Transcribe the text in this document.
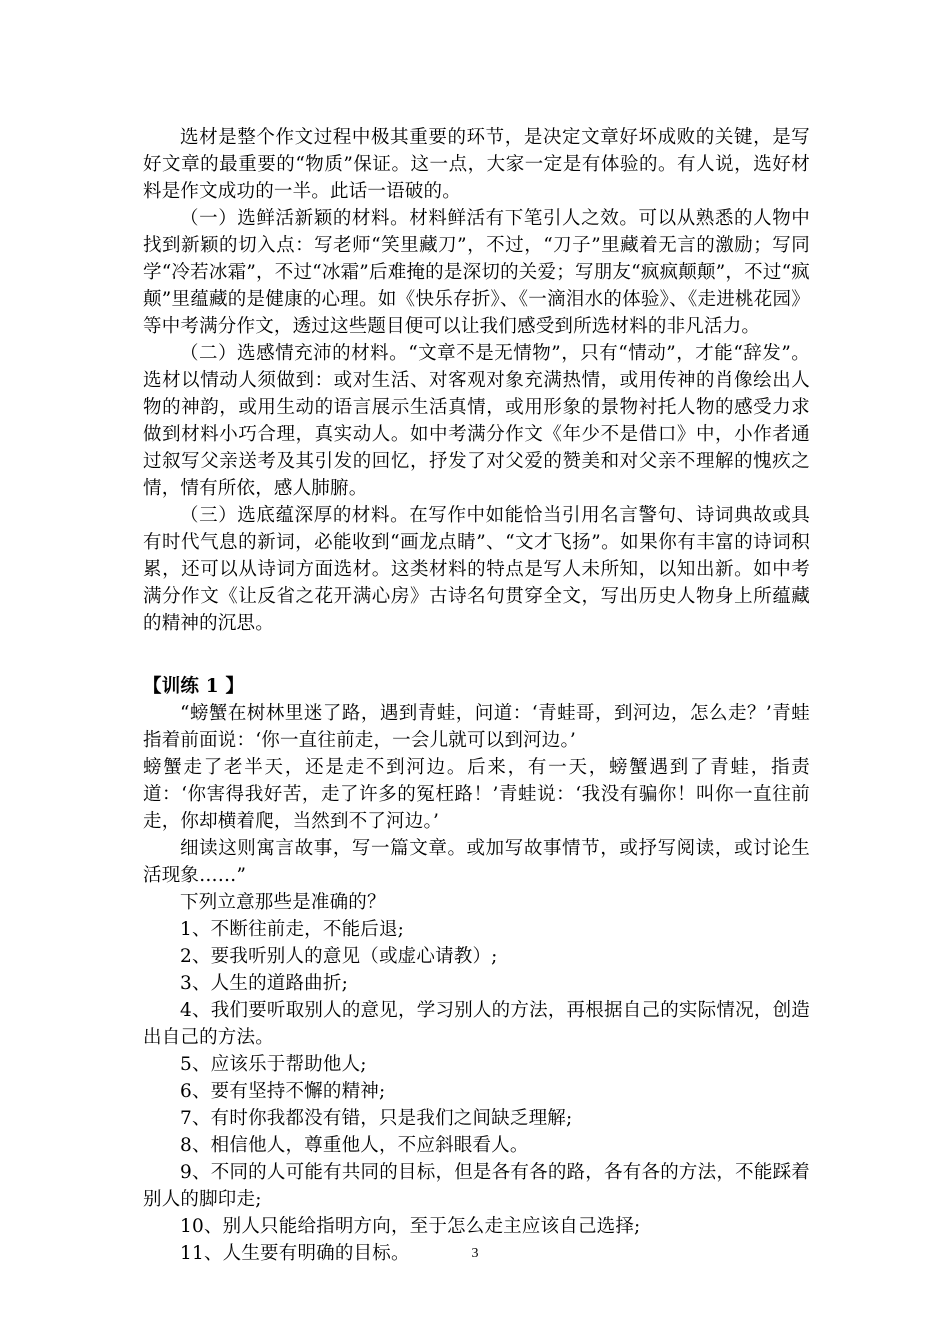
选材是整个作文过程中极其重要的环节，是决定文章好坏成败的关键，是写好文章的最重要的“物质”保证。这一点，大家一定是有体验的。有人说，选好材料是作文成功的一半。此话一语破的。

（一）选鲜活新颖的材料。材料鲜活有下笔引人之效。可以从熟悉的人物中找到新颖的切入点：写老师“笑里藏刀”，不过，“刀子”里藏着无言的激励；写同学“冷若冰霜”，不过“冰霜”后难掩的是深切的关爱；写朋友“疯疯颠颠”，不过“疯颠”里蕴藏的是健康的心理。如《快乐存折》、《一滴泪水的体验》、《走进桃花园》等中考满分作文，透过这些题目便可以让我们感受到所选材料的非凡活力。

（二）选感情充沛的材料。“文章不是无情物”，只有“情动”，才能“辞发”。选材以情动人须做到：或对生活、对客观对象充满热情，或用传神的肖像绘出人物的神韵，或用生动的语言展示生活真情，或用形象的景物衬托人物的感受力求做到材料小巧合理，真实动人。如中考满分作文《年少不是借口》中，小作者通过叙写父亲送考及其引发的回忆，抒发了对父爱的赞美和对父亲不理解的愧疚之情，情有所依，感人肺腑。

（三）选底蕴深厚的材料。在写作中如能恰当引用名言警句、诗词典故或具有时代气息的新词，必能收到“画龙点睛”、“文才飞扬”。如果你有丰富的诗词积累，还可以从诗词方面选材。这类材料的特点是写人未所知，以知出新。如中考满分作文《让反省之花开满心房》古诗名句贯穿全文，写出历史人物身上所蕴藏的精神的沉思。

【训练 1 】

“螃蟹在树林里迷了路，遇到青蛙，问道：‘青蛙哥，到河边，怎么走？’青蛙指着前面说：‘你一直往前走，一会儿就可以到河边。’

螃蟹走了老半天，还是走不到河边。后来，有一天，螃蟹遇到了青蛙，指责道：‘你害得我好苦，走了许多的冤枉路！’青蛙说：‘我没有骗你！叫你一直往前走，你却横着爬，当然到不了河边。’

细读这则寓言故事，写一篇文章。或加写故事情节，或抒写阅读，或讨论生活现象……”

下列立意那些是准确的？

1、不断往前走，不能后退;

2、要我听别人的意见（或虚心请教）;

3、人生的道路曲折;

4、我们要听取别人的意见，学习别人的方法，再根据自己的实际情况，创造出自己的方法。

5、应该乐于帮助他人;

6、要有坚持不懈的精神;

7、有时你我都没有错，只是我们之间缺乏理解;

8、相信他人，尊重他人，不应斜眼看人。

9、不同的人可能有共同的目标，但是各有各的路，各有各的方法，不能踩着别人的脚印走;

10、别人只能给指明方向，至于怎么走主应该自己选择;

11、人生要有明确的目标。	3
